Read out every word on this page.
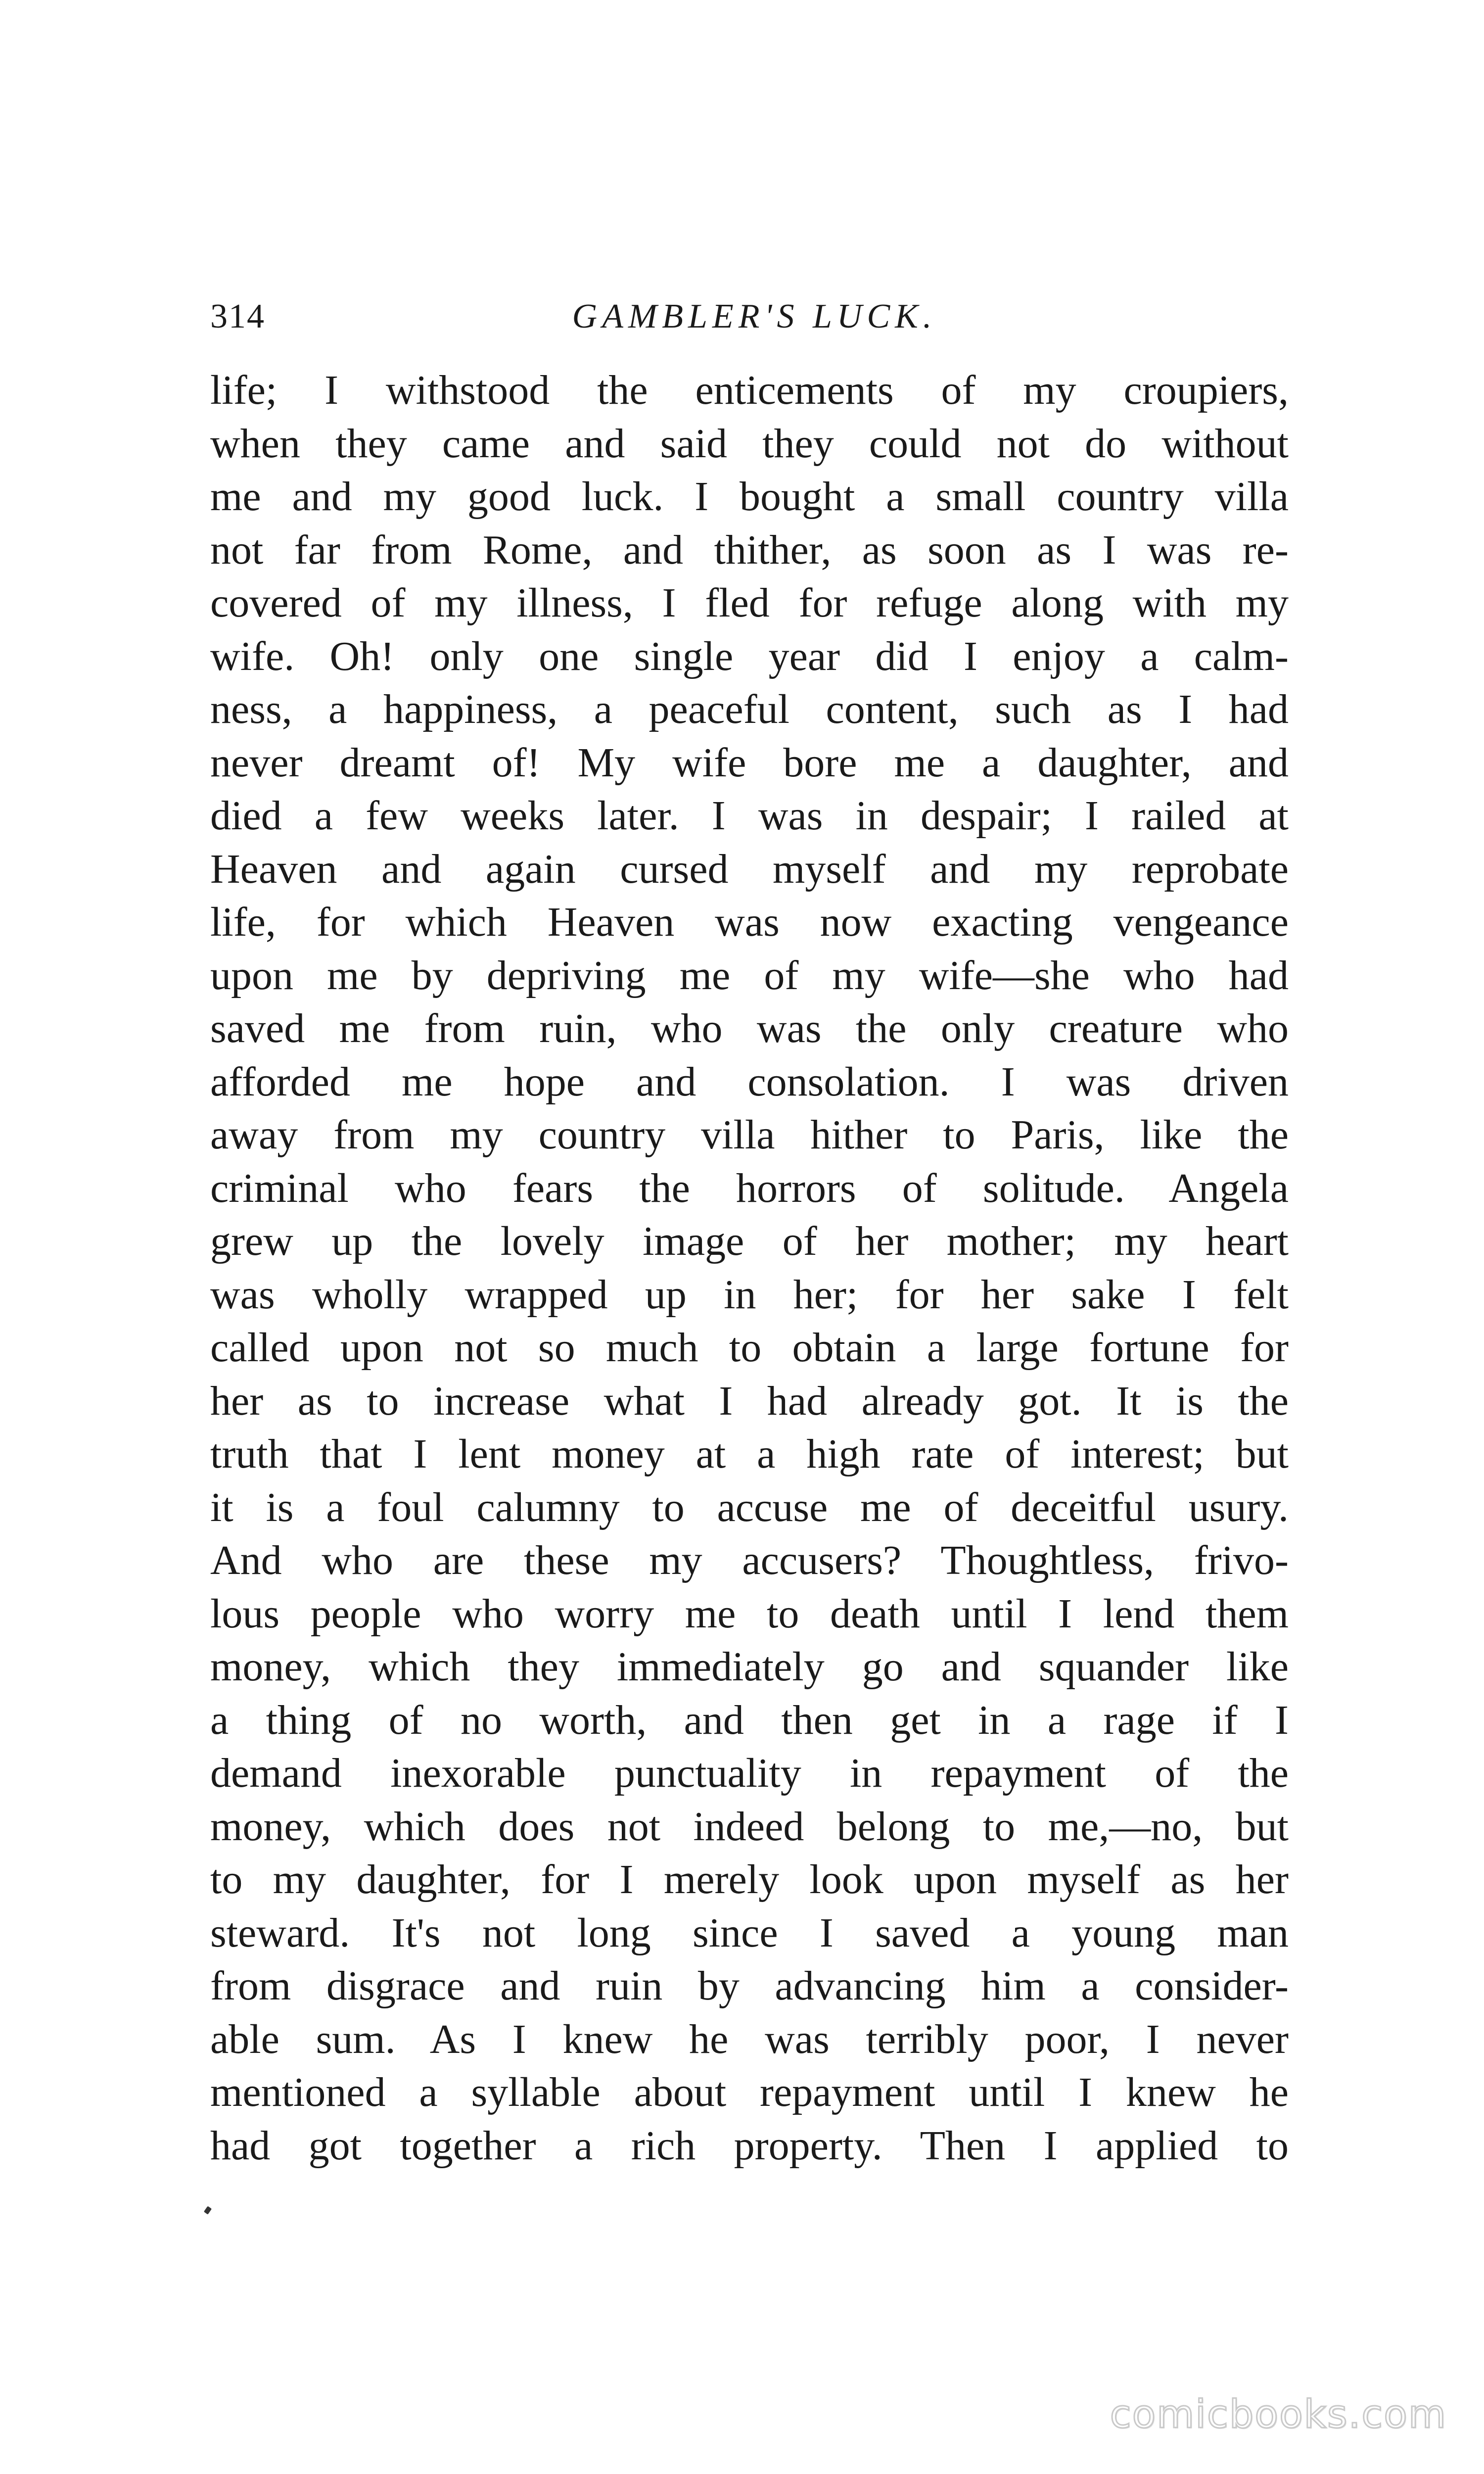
314	GAMBLER'S LUCK.
life; I withstood the enticements of my croupiers,
when they came and said they could not do without
me and my good luck. I bought a small country villa
not far from Rome, and thither, as soon as I was re-
covered of my illness, I fled for refuge along with my
wife. Oh! only one single year did I enjoy a calm-
ness, a happiness, a peaceful content, such as I had
never dreamt of! My wife bore me a daughter, and
died a few weeks later. I was in despair; I railed at
Heaven and again cursed myself and my reprobate
life, for which Heaven was now exacting vengeance
upon me by depriving me of my wife—she who had
saved me from ruin, who was the only creature who
afforded me hope and consolation. I was driven
away from my country villa hither to Paris, like the
criminal who fears the horrors of solitude. Angela
grew up the lovely image of her mother; my heart
was wholly wrapped up in her; for her sake I felt
called upon not so much to obtain a large fortune for
her as to increase what I had already got. It is the
truth that I lent money at a high rate of interest; but
it is a foul calumny to accuse me of deceitful usury.
And who are these my accusers? Thoughtless, frivo-
lous people who worry me to death until I lend them
money, which they immediately go and squander like
a thing of no worth, and then get in a rage if I
demand inexorable punctuality in repayment of the
money, which does not indeed belong to me,—no, but
to my daughter, for I merely look upon myself as her
steward. It's not long since I saved a young man
from disgrace and ruin by advancing him a consider-
able sum. As I knew he was terribly poor, I never
mentioned a syllable about repayment until I knew he
had got together a rich property. Then I applied to
comicbooks.com
